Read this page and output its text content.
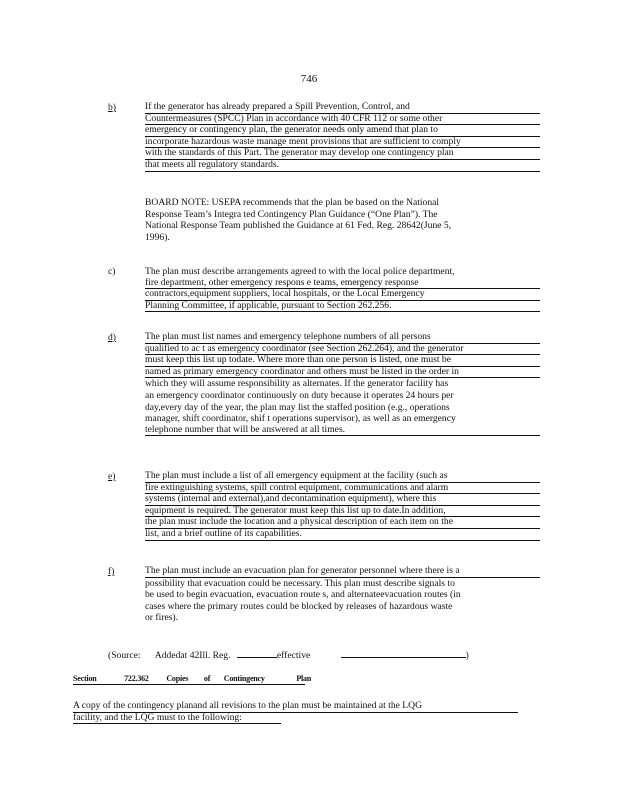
746
b)	If the generator has already prepared a Spill Prevention, Control, and
Countermeasures (SPCC) Plan in accordance with 40 CFR 112 or some other
emergency or contingency plan, the generator needs only amend that plan to
incorporate hazardous waste manage ment provisions that are sufficient to comply
with the standards of this Part. The generator may develop one contingency plan
that meets all regulatory standards.
BOARD NOTE: USEPA recommends that the plan be based on the National
Response Team’s Integra ted Contingency Plan Guidance (“One Plan”). The
National Response Team published the Guidance at 61 Fed. Reg. 28642(June 5,
1996).
c)	The plan must describe arrangements agreed to with the local police department,
fire department, other emergency respons e teams, emergency response
contractors,equipment suppliers, local hospitals, or the Local Emergency
Planning Committee, if applicable, pursuant to Section 262.256.
d)	The plan must list names and emergency telephone numbers of all persons
qualified to ac t as emergency coordinator (see Section 262.264), and the generator
must keep this list up todate. Where more than one person is listed, one must be
named as primary emergency coordinator and others must be listed in the order in
which they will assume responsibility as alternates. If the generator facility has
an emergency coordinator continuously on duty because it operates 24 hours per
day,every day of the year, the plan may list the staffed position (e.g., operations
manager, shift coordinator, shif t operations supervisor), as well as an emergency
telephone number that will be answered at all times.
e)	The plan must include a list of all emergency equipment at the facility (such as
fire extinguishing systems, spill control equipment, communications and alarm
systems (internal and external),and decontamination equipment), where this
equipment is required. The generator must keep this list up to date.In addition,
the plan must include the location and a physical description of each item on the
list, and a brief outline of its capabilities.
f)	The plan must include an evacuation plan for generator personnel where there is a
possibility that evacuation could be necessary. This plan must describe signals to
be used to begin evacuation, evacuation route s, and alternateevacuation routes (in
cases where the primary routes could be blocked by releases of hazardous waste
or fires).
(Source: Addedat 42Ill. Reg.	effective	)
Section	722.362 Copies of Contingency	Plan
A copy of the contingency planand all revisions to the plan must be maintained at the LQG
facility, and the LQG must to the following:
